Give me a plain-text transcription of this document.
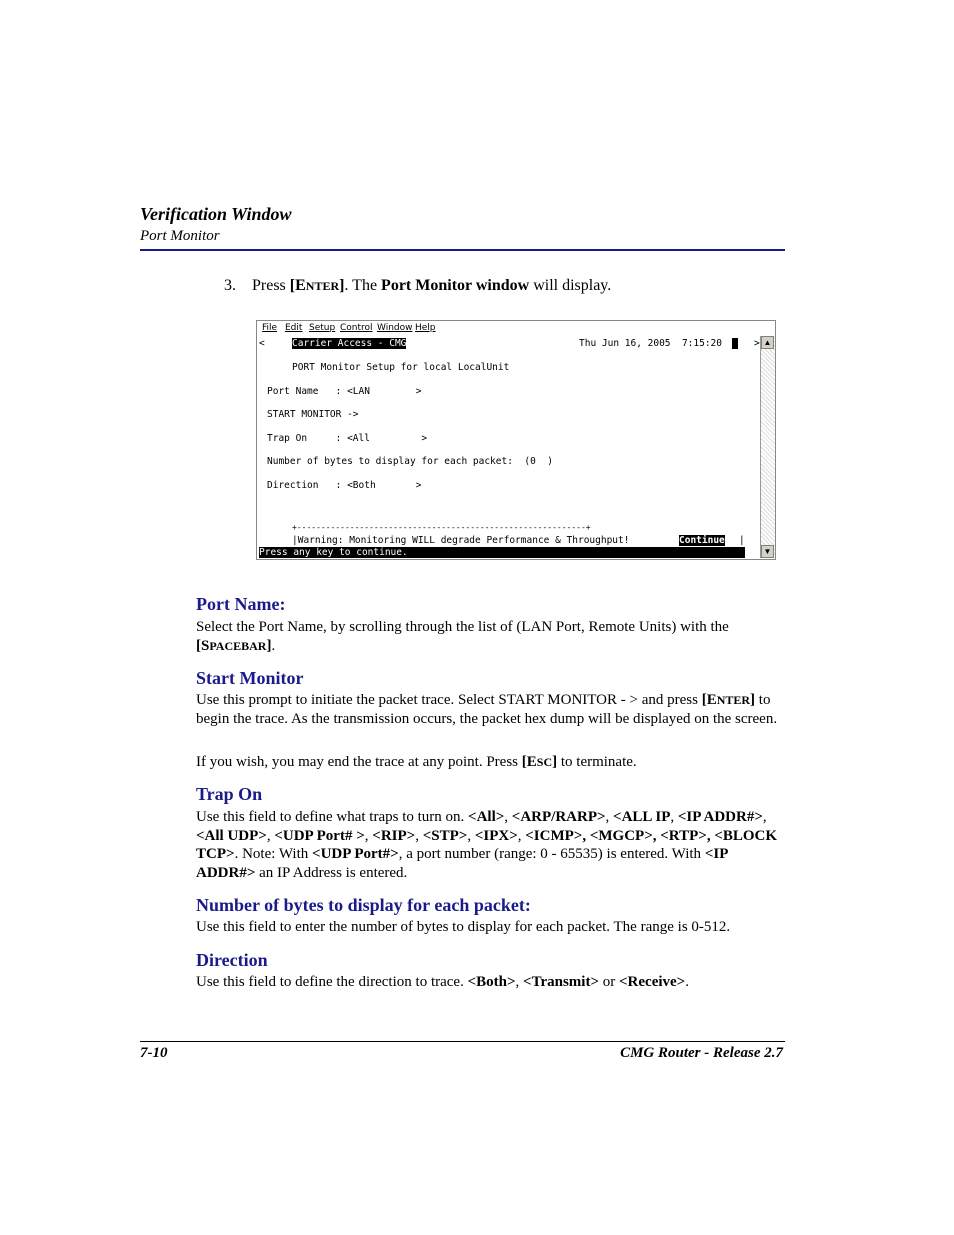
Verification Window
Port Monitor
3. Press [ENTER]. The Port Monitor window will display.
File Edit Setup Control Window Help

<

	Carrier Access - CMG

	Thu Jun 16, 2005  7:15:20

	>

PORT Monitor Setup for local LocalUnit

Port Name   : <LAN        >

START MONITOR ->

Trap On     : <All         >

Number of bytes to display for each packet:  (0  )

Direction   : <Both       >

+------------------------------------------------------------+

|Warning: Monitoring WILL degrade Performance & Throughput!

	Continue

|

Press any key to continue.
▲
▼
Port Name:
Select the Port Name, by scrolling through the list of (LAN Port, Remote Units) with the [SPACEBAR].
Start Monitor
Use this prompt to initiate the packet trace. Select START MONITOR - > and press [ENTER] to begin the trace. As the transmission occurs, the packet hex dump will be displayed on the screen.
If you wish, you may end the trace at any point. Press [ESC] to terminate.
Trap On
Use this field to define what traps to turn on. <All>, <ARP/RARP>, <ALL IP, <IP ADDR#>, <All UDP>, <UDP Port# >, <RIP>, <STP>, <IPX>, <ICMP>, <MGCP>, <RTP>, <BLOCK TCP>. Note: With <UDP Port#>, a port number (range: 0 - 65535) is entered. With <IP ADDR#> an IP Address is entered.
Number of bytes to display for each packet:
Use this field to enter the number of bytes to display for each packet. The range is 0-512.
Direction
Use this field to define the direction to trace. <Both>, <Transmit> or <Receive>.
7-10	CMG Router - Release 2.7
